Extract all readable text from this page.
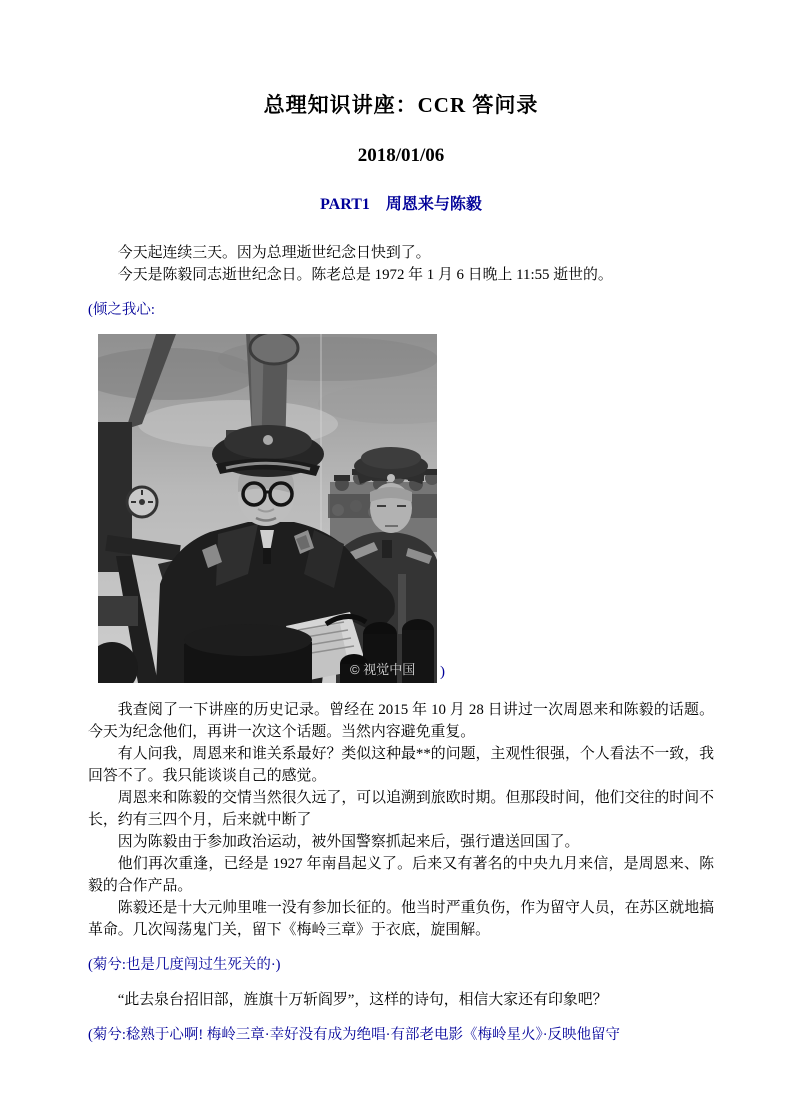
总理知识讲座：CCR 答问录
2018/01/06
PART1　周恩来与陈毅

今天起连续三天。因为总理逝世纪念日快到了。

今天是陈毅同志逝世纪念日。陈老总是 1972 年 1 月 6 日晚上 11:55 逝世的。

(倾之我心:

© 视觉中国 )

我查阅了一下讲座的历史记录。曾经在 2015 年 10 月 28 日讲过一次周恩来和陈毅的话题。今天为纪念他们，再讲一次这个话题。当然内容避免重复。

有人问我，周恩来和谁关系最好？类似这种最**的问题，主观性很强，个人看法不一致，我回答不了。我只能谈谈自己的感觉。

周恩来和陈毅的交情当然很久远了，可以追溯到旅欧时期。但那段时间，他们交往的时间不长，约有三四个月，后来就中断了

因为陈毅由于参加政治运动，被外国警察抓起来后，强行遣送回国了。

他们再次重逢，已经是 1927 年南昌起义了。后来又有著名的中央九月来信，是周恩来、陈毅的合作产品。

陈毅还是十大元帅里唯一没有参加长征的。他当时严重负伤，作为留守人员，在苏区就地搞革命。几次闯荡鬼门关，留下《梅岭三章》于衣底，旋围解。

(菊兮:也是几度闯过生死关的·)

“此去泉台招旧部，旌旗十万斩阎罗”，这样的诗句，相信大家还有印象吧？

(菊兮:稔熟于心啊! 梅岭三章·幸好没有成为绝唱·有部老电影《梅岭星火》·反映他留守
